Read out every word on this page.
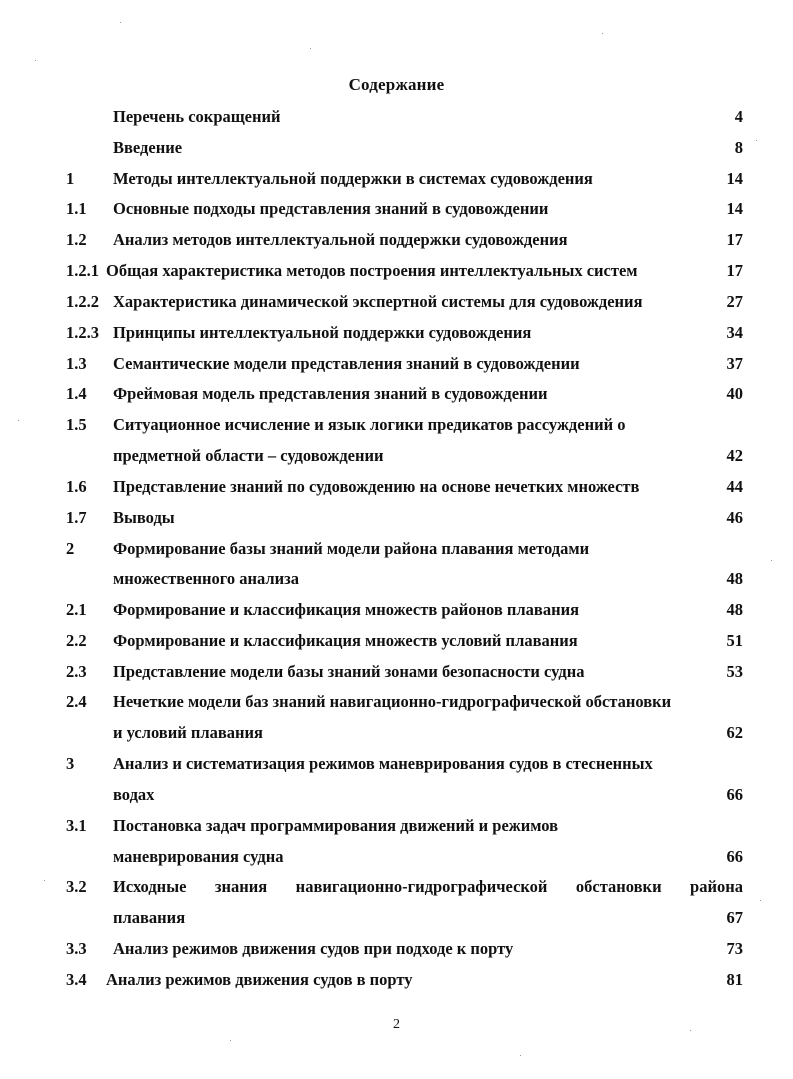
Содержание
Перечень сокращений	4
Введение	8
1 Методы интеллектуальной поддержки в системах судовождения	14
1.1 Основные подходы представления знаний в судовождении	14
1.2 Анализ методов интеллектуальной поддержки судовождения	17
1.2.1 Общая характеристика методов построения интеллектуальных систем	17
1.2.2 Характеристика динамической экспертной системы для судовождения	27
1.2.3 Принципы интеллектуальной поддержки судовождения	34
1.3 Семантические модели представления знаний в судовождении	37
1.4 Фреймовая модель представления знаний в судовождении	40
1.5 Ситуационное исчисление и язык логики предикатов рассуждений о
предметной области – судовождении	42
1.6 Представление знаний по судовождению на основе нечетких множеств	44
1.7 Выводы	46
2 Формирование базы знаний модели района плавания методами
множественного анализа	48
2.1 Формирование и классификация множеств районов плавания	48
2.2 Формирование и классификация множеств условий плавания	51
2.3 Представление модели базы знаний зонами безопасности судна	53
2.4 Нечеткие модели баз знаний навигационно-гидрографической обстановки
и условий плавания	62
3 Анализ и систематизация режимов маневрирования судов в стесненных
водах	66
3.1 Постановка задач программирования движений и режимов
маневрирования судна	66
3.2 Исходные знания навигационно-гидрографической обстановки района
плавания	67
3.3 Анализ режимов движения судов при подходе к порту	73
3.4 Анализ режимов движения судов в порту	81
2
